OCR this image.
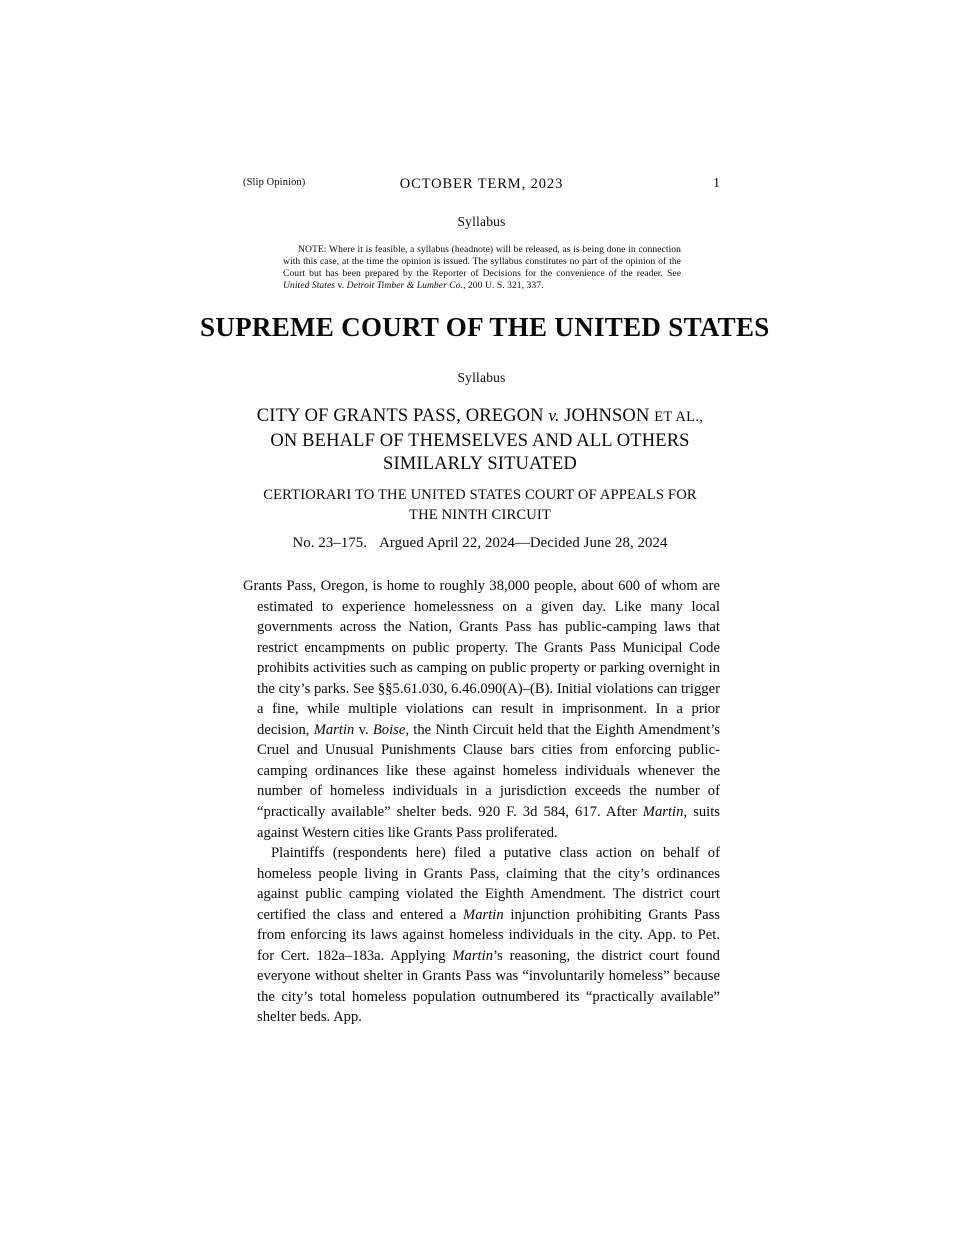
(Slip Opinion)	OCTOBER TERM, 2023	1
Syllabus
NOTE: Where it is feasible, a syllabus (headnote) will be released, as is being done in connection with this case, at the time the opinion is issued. The syllabus constitutes no part of the opinion of the Court but has been prepared by the Reporter of Decisions for the convenience of the reader. See United States v. Detroit Timber & Lumber Co., 200 U. S. 321, 337.
SUPREME COURT OF THE UNITED STATES
Syllabus
CITY OF GRANTS PASS, OREGON v. JOHNSON ET AL.,
ON BEHALF OF THEMSELVES AND ALL OTHERS
SIMILARLY SITUATED
CERTIORARI TO THE UNITED STATES COURT OF APPEALS FOR
THE NINTH CIRCUIT
No. 23–175. Argued April 22, 2024—Decided June 28, 2024

Grants Pass, Oregon, is home to roughly 38,000 people, about 600 of whom are estimated to experience homelessness on a given day. Like many local governments across the Nation, Grants Pass has public-camping laws that restrict encampments on public property. The Grants Pass Municipal Code prohibits activities such as camping on public property or parking overnight in the city’s parks. See §§5.61.030, 6.46.090(A)–(B). Initial violations can trigger a fine, while multiple violations can result in imprisonment. In a prior decision, Martin v. Boise, the Ninth Circuit held that the Eighth Amendment’s Cruel and Unusual Punishments Clause bars cities from enforcing public-camping ordinances like these against homeless individuals whenever the number of homeless individuals in a jurisdiction exceeds the number of “practically available” shelter beds. 920 F. 3d 584, 617. After Martin, suits against Western cities like Grants Pass proliferated.

Plaintiffs (respondents here) filed a putative class action on behalf of homeless people living in Grants Pass, claiming that the city’s ordinances against public camping violated the Eighth Amendment. The district court certified the class and entered a Martin injunction prohibiting Grants Pass from enforcing its laws against homeless individuals in the city. App. to Pet. for Cert. 182a–183a. Applying Martin’s reasoning, the district court found everyone without shelter in Grants Pass was “involuntarily homeless” because the city’s total homeless population outnumbered its “practically available” shelter beds. App.
